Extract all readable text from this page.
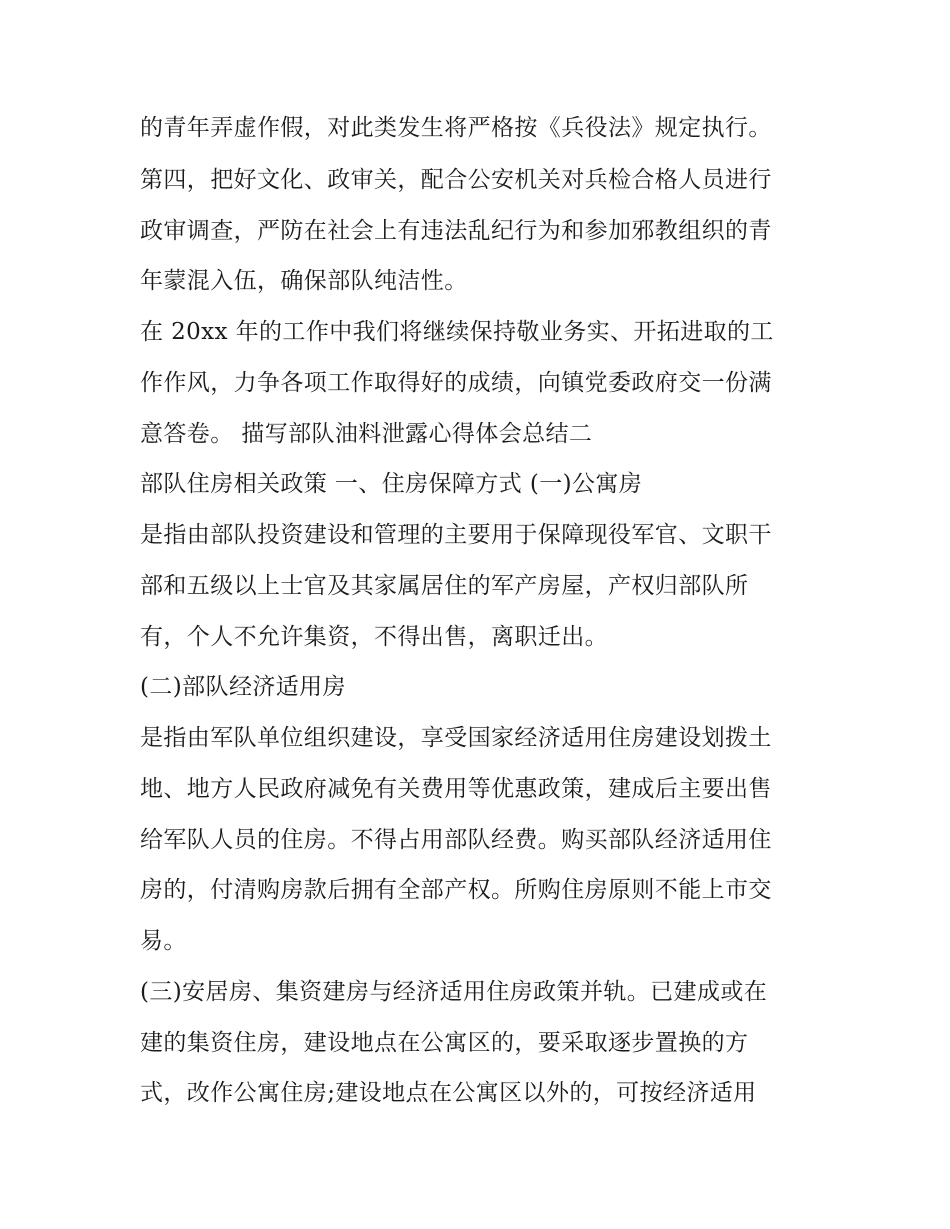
的青年弄虚作假，对此类发生将严格按《兵役法》规定执行。
第四，把好文化、政审关，配合公安机关对兵检合格人员进行
政审调查，严防在社会上有违法乱纪行为和参加邪教组织的青
年蒙混入伍，确保部队纯洁性。
在 20xx 年的工作中我们将继续保持敬业务实、开拓进取的工
作作风，力争各项工作取得好的成绩，向镇党委政府交一份满
意答卷。 描写部队油料泄露心得体会总结二
部队住房相关政策 一、住房保障方式 (一)公寓房
是指由部队投资建设和管理的主要用于保障现役军官、文职干
部和五级以上士官及其家属居住的军产房屋，产权归部队所
有，个人不允许集资，不得出售，离职迁出。
(二)部队经济适用房
是指由军队单位组织建设，享受国家经济适用住房建设划拨土
地、地方人民政府减免有关费用等优惠政策，建成后主要出售
给军队人员的住房。不得占用部队经费。购买部队经济适用住
房的，付清购房款后拥有全部产权。所购住房原则不能上市交
易。
(三)安居房、集资建房与经济适用住房政策并轨。已建成或在
建的集资住房，建设地点在公寓区的，要采取逐步置换的方
式，改作公寓住房;建设地点在公寓区以外的，可按经济适用
